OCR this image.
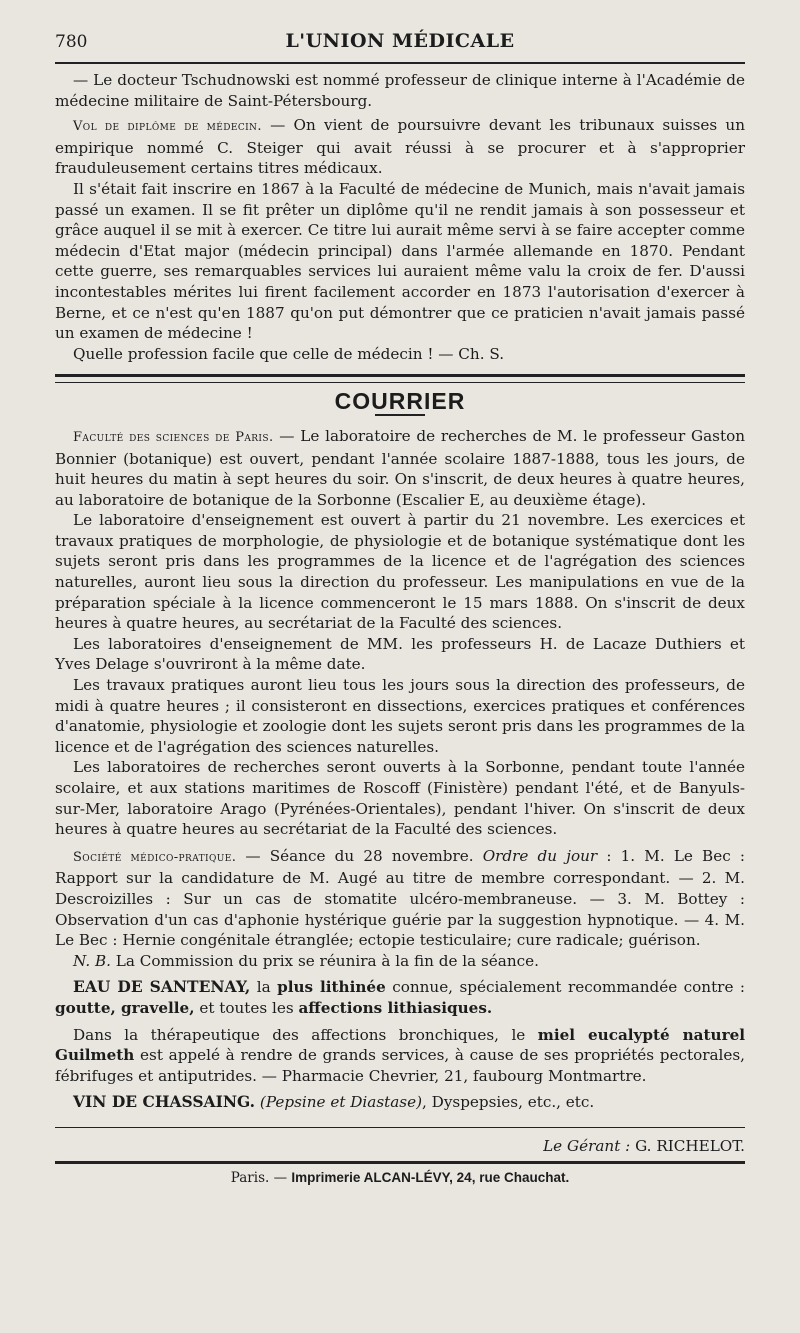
780	L'UNION MÉDICALE

— Le docteur Tschudnowski est nommé professeur de clinique interne à l'Académie de médecine militaire de Saint-Pétersbourg.

Vol de diplôme de médecin. — On vient de poursuivre devant les tribunaux suisses un empirique nommé C. Steiger qui avait réussi à se procurer et à s'approprier frauduleusement certains titres médicaux.

Il s'était fait inscrire en 1867 à la Faculté de médecine de Munich, mais n'avait jamais passé un examen. Il se fit prêter un diplôme qu'il ne rendit jamais à son possesseur et grâce auquel il se mit à exercer. Ce titre lui aurait même servi à se faire accepter comme médecin d'Etat major (médecin principal) dans l'armée allemande en 1870. Pendant cette guerre, ses remarquables services lui auraient même valu la croix de fer. D'aussi incontestables mérites lui firent facilement accorder en 1873 l'autorisation d'exercer à Berne, et ce n'est qu'en 1887 qu'on put démontrer que ce praticien n'avait jamais passé un examen de médecine !

Quelle profession facile que celle de médecin ! — Ch. S.

COURRIER

Faculté des sciences de Paris. — Le laboratoire de recherches de M. le professeur Gaston Bonnier (botanique) est ouvert, pendant l'année scolaire 1887-1888, tous les jours, de huit heures du matin à sept heures du soir. On s'inscrit, de deux heures à quatre heures, au laboratoire de botanique de la Sorbonne (Escalier E, au deuxième étage).

Le laboratoire d'enseignement est ouvert à partir du 21 novembre. Les exercices et travaux pratiques de morphologie, de physiologie et de botanique systématique dont les sujets seront pris dans les programmes de la licence et de l'agrégation des sciences naturelles, auront lieu sous la direction du professeur. Les manipulations en vue de la préparation spéciale à la licence commenceront le 15 mars 1888. On s'inscrit de deux heures à quatre heures, au secrétariat de la Faculté des sciences.

Les laboratoires d'enseignement de MM. les professeurs H. de Lacaze Duthiers et Yves Delage s'ouvriront à la même date.

Les travaux pratiques auront lieu tous les jours sous la direction des professeurs, de midi à quatre heures ; il consisteront en dissections, exercices pratiques et conférences d'anatomie, physiologie et zoologie dont les sujets seront pris dans les programmes de la licence et de l'agrégation des sciences naturelles.

Les laboratoires de recherches seront ouverts à la Sorbonne, pendant toute l'année scolaire, et aux stations maritimes de Roscoff (Finistère) pendant l'été, et de Banyuls-sur-Mer, laboratoire Arago (Pyrénées-Orientales), pendant l'hiver. On s'inscrit de deux heures à quatre heures au secrétariat de la Faculté des sciences.

Société médico-pratique. — Séance du 28 novembre. Ordre du jour : 1. M. Le Bec : Rapport sur la candidature de M. Augé au titre de membre correspondant. — 2. M. Descroizilles : Sur un cas de stomatite ulcéro-membraneuse. — 3. M. Bottey : Observation d'un cas d'aphonie hystérique guérie par la suggestion hypnotique. — 4. M. Le Bec : Hernie congénitale étranglée; ectopie testiculaire; cure radicale; guérison.

N. B. La Commission du prix se réunira à la fin de la séance.

EAU DE SANTENAY, la plus lithinée connue, spécialement recommandée contre : goutte, gravelle, et toutes les affections lithiasiques.

Dans la thérapeutique des affections bronchiques, le miel eucalypté naturel Guilmeth est appelé à rendre de grands services, à cause de ses propriétés pectorales, fébrifuges et antiputrides. — Pharmacie Chevrier, 21, faubourg Montmartre.

VIN DE CHASSAING. (Pepsine et Diastase), Dyspepsies, etc., etc.

Le Gérant : G. RICHELOT.
Paris. — Imprimerie ALCAN-LÉVY, 24, rue Chauchat.
